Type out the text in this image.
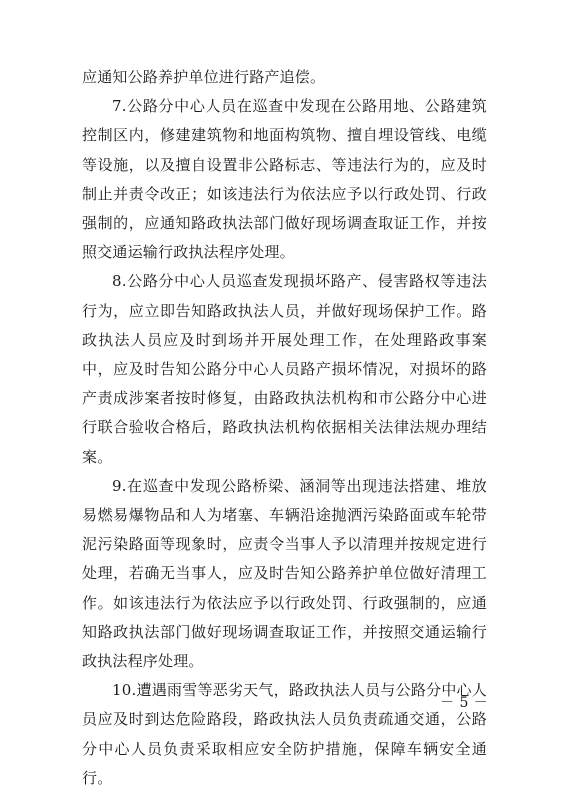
应通知公路养护单位进行路产追偿。

7.公路分中心人员在巡查中发现在公路用地、公路建筑控制区内，修建建筑物和地面构筑物、擅自埋设管线、电缆等设施，以及擅自设置非公路标志、等违法行为的，应及时制止并责令改正；如该违法行为依法应予以行政处罚、行政强制的，应通知路政执法部门做好现场调查取证工作，并按照交通运输行政执法程序处理。

8.公路分中心人员巡查发现损坏路产、侵害路权等违法行为，应立即告知路政执法人员，并做好现场保护工作。路政执法人员应及时到场并开展处理工作，在处理路政事案中，应及时告知公路分中心人员路产损坏情况，对损坏的路产责成涉案者按时修复，由路政执法机构和市公路分中心进行联合验收合格后，路政执法机构依据相关法律法规办理结案。

9.在巡查中发现公路桥梁、涵洞等出现违法搭建、堆放易燃易爆物品和人为堵塞、车辆沿途抛洒污染路面或车轮带泥污染路面等现象时，应责令当事人予以清理并按规定进行处理，若确无当事人，应及时告知公路养护单位做好清理工作。如该违法行为依法应予以行政处罚、行政强制的，应通知路政执法部门做好现场调查取证工作，并按照交通运输行政执法程序处理。

10.遭遇雨雪等恶劣天气，路政执法人员与公路分中心人员应及时到达危险路段，路政执法人员负责疏通交通，公路分中心人员负责采取相应安全防护措施，保障车辆安全通行。

－ 5 －
